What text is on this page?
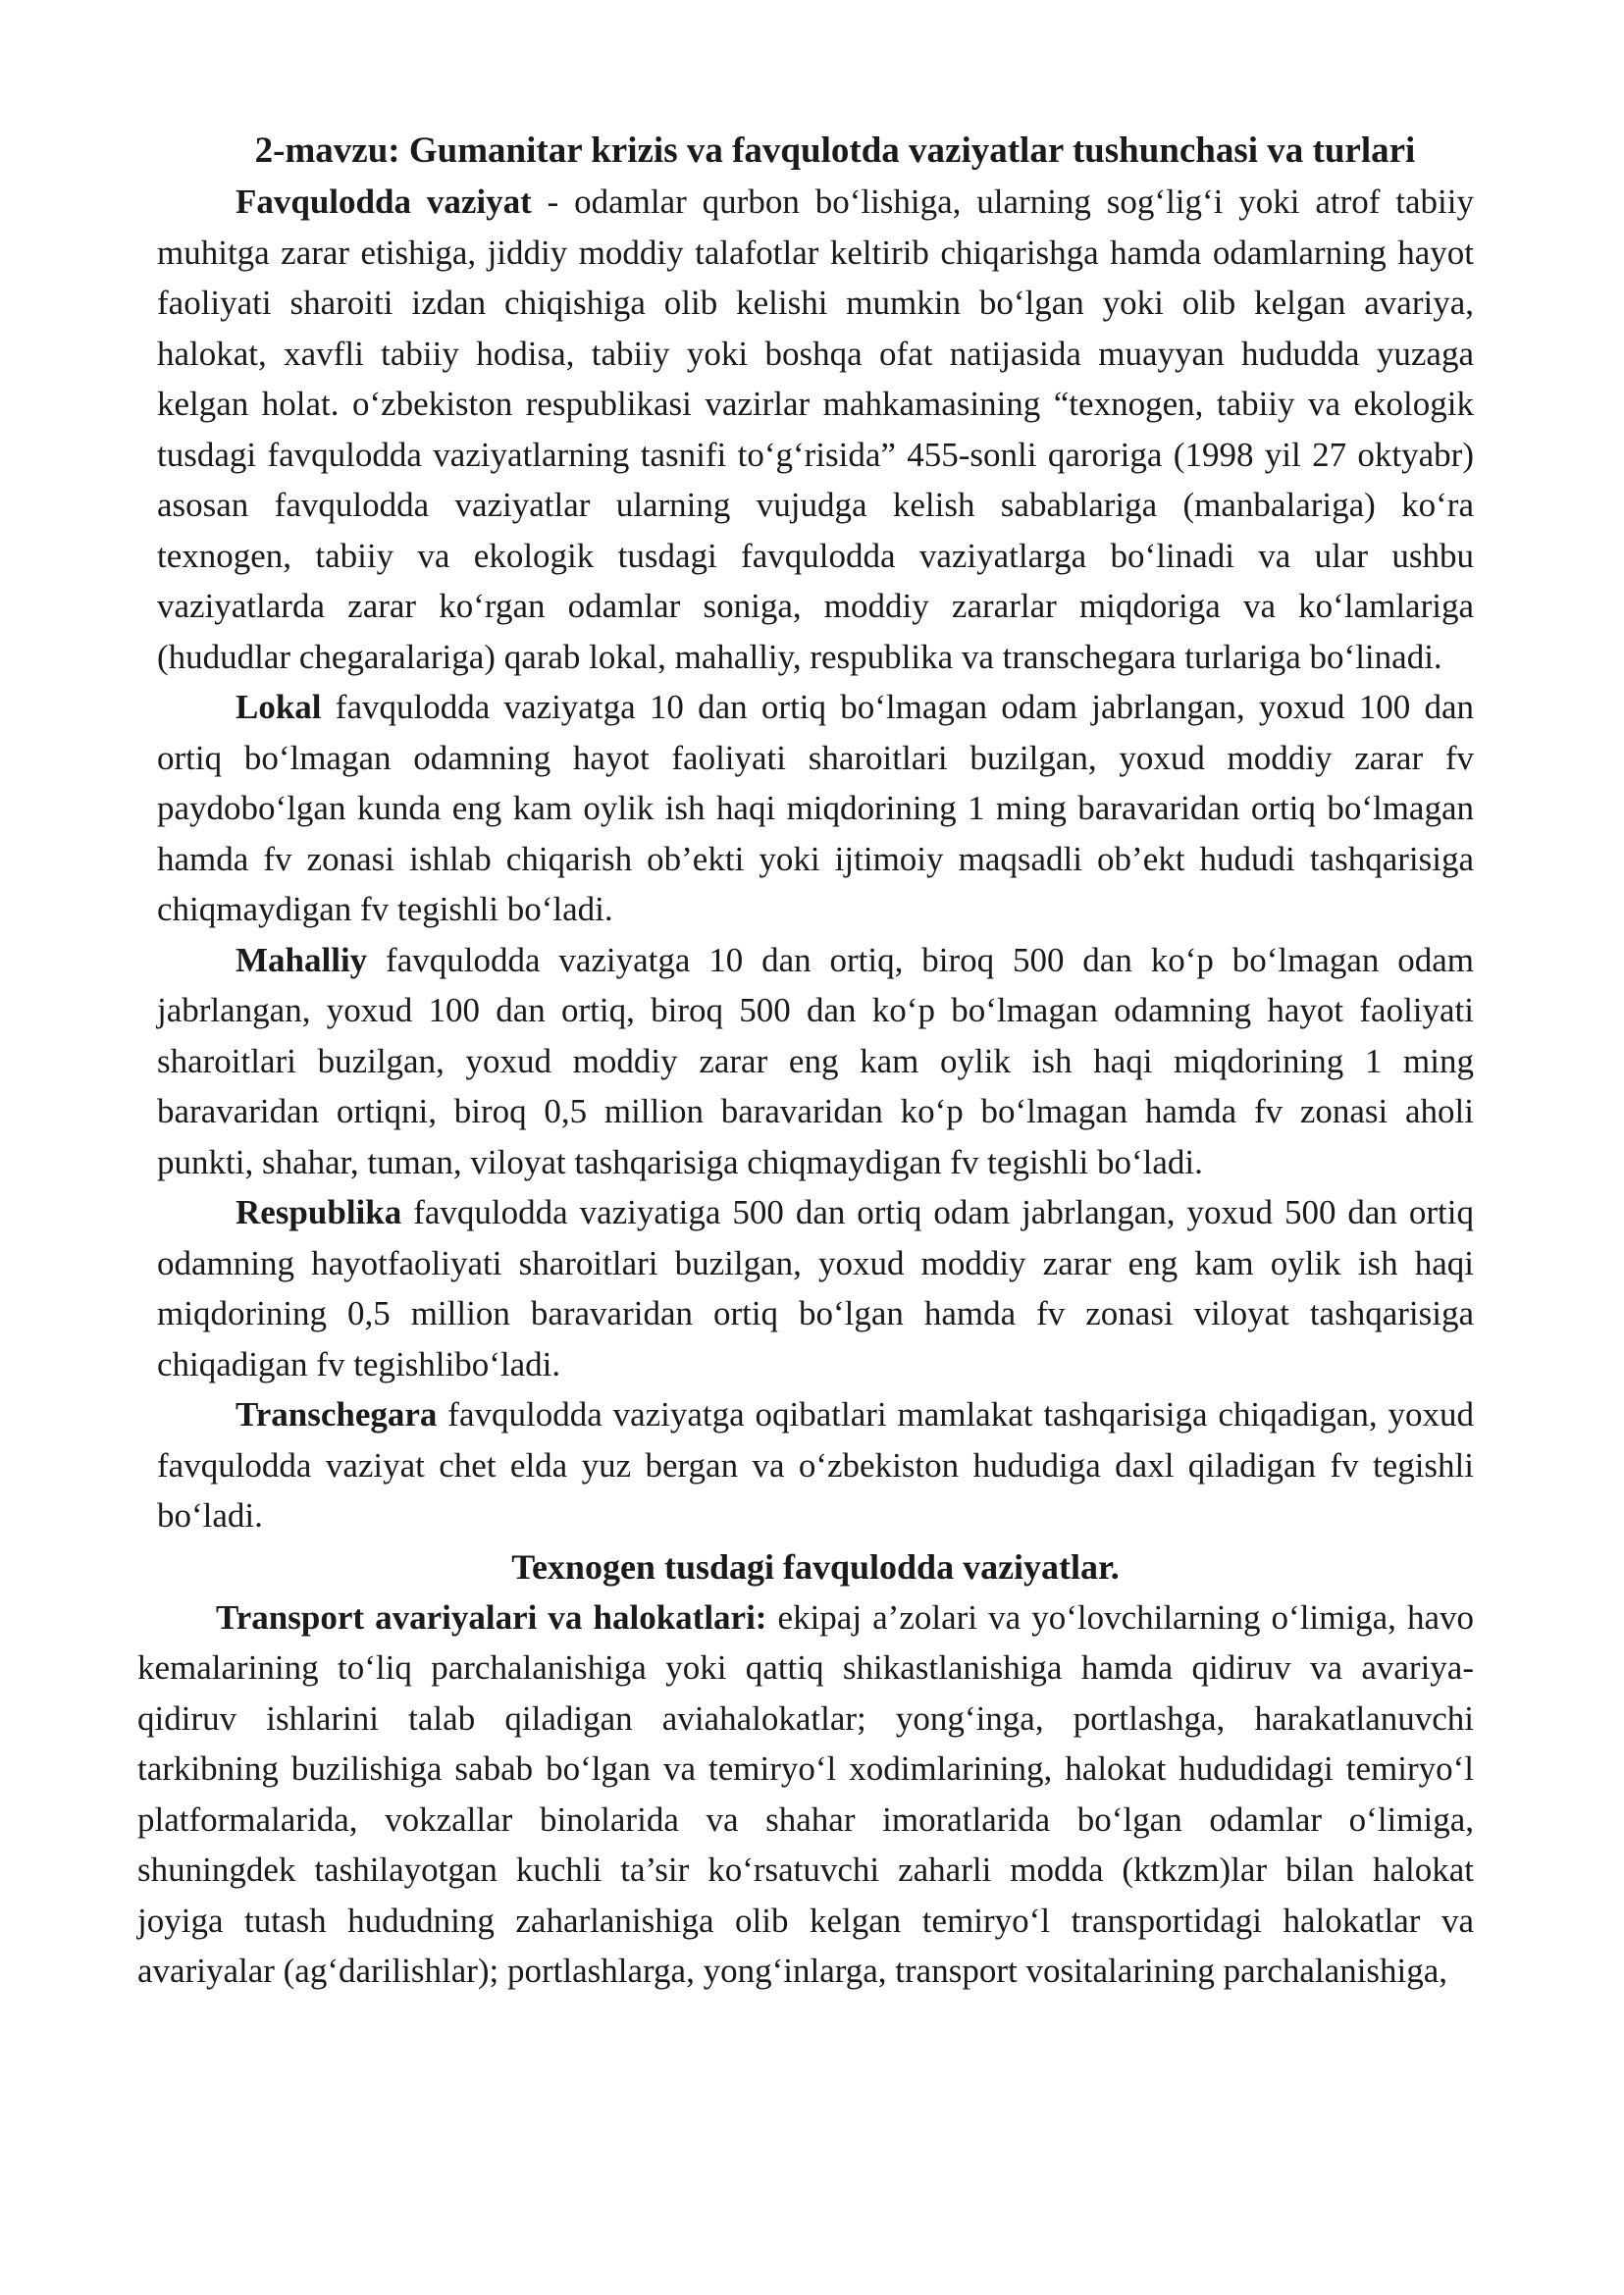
2-mavzu: Gumanitar krizis va favqulotda vaziyatlar tushunchasi va turlari

Favqulodda vaziyat - odamlar qurbon bo‘lishiga, ularning sog‘lig‘i yoki atrof tabiiy muhitga zarar etishiga, jiddiy moddiy talafotlar keltirib chiqarishga hamda odamlarning hayot faoliyati sharoiti izdan chiqishiga olib kelishi mumkin bo‘lgan yoki olib kelgan avariya, halokat, xavfli tabiiy hodisa, tabiiy yoki boshqa ofat natijasida muayyan hududda yuzaga kelgan holat. o‘zbekiston respublikasi vazirlar mahkamasining “texnogen, tabiiy va ekologik tusdagi favqulodda vaziyatlarning tasnifi to‘g‘risida” 455-sonli qaroriga (1998 yil 27 oktyabr) asosan favqulodda vaziyatlar ularning vujudga kelish sabablariga (manbalariga) ko‘ra texnogen, tabiiy va ekologik tusdagi favqulodda vaziyatlarga bo‘linadi va ular ushbu vaziyatlarda zarar ko‘rgan odamlar soniga, moddiy zararlar miqdoriga va ko‘lamlariga (hududlar chegaralariga) qarab lokal, mahalliy, respublika va transchegara turlariga bo‘linadi.

Lokal favqulodda vaziyatga 10 dan ortiq bo‘lmagan odam jabrlangan, yoxud 100 dan ortiq bo‘lmagan odamning hayot faoliyati sharoitlari buzilgan, yoxud moddiy zarar fv paydobo‘lgan kunda eng kam oylik ish haqi miqdorining 1 ming baravaridan ortiq bo‘lmagan hamda fv zonasi ishlab chiqarish ob’ekti yoki ijtimoiy maqsadli ob’ekt hududi tashqarisiga chiqmaydigan fv tegishli bo‘ladi.

Mahalliy favqulodda vaziyatga 10 dan ortiq, biroq 500 dan ko‘p bo‘lmagan odam jabrlangan, yoxud 100 dan ortiq, biroq 500 dan ko‘p bo‘lmagan odamning hayot faoliyati sharoitlari buzilgan, yoxud moddiy zarar eng kam oylik ish haqi miqdorining 1 ming baravaridan ortiqni, biroq 0,5 million baravaridan ko‘p bo‘lmagan hamda fv zonasi aholi punkti, shahar, tuman, viloyat tashqarisiga chiqmaydigan fv tegishli bo‘ladi.

Respublika favqulodda vaziyatiga 500 dan ortiq odam jabrlangan, yoxud 500 dan ortiq odamning hayotfaoliyati sharoitlari buzilgan, yoxud moddiy zarar eng kam oylik ish haqi miqdorining 0,5 million baravaridan ortiq bo‘lgan hamda fv zonasi viloyat tashqarisiga chiqadigan fv tegishlibo‘ladi.

Transchegara favqulodda vaziyatga oqibatlari mamlakat tashqarisiga chiqadigan, yoxud favqulodda vaziyat chet elda yuz bergan va o‘zbekiston hududiga daxl qiladigan fv tegishli bo‘ladi.

Texnogen tusdagi favqulodda vaziyatlar.

Transport avariyalari va halokatlari: ekipaj a’zolari va yo‘lovchilarning o‘limiga, havo kemalarining to‘liq parchalanishiga yoki qattiq shikastlanishiga hamda qidiruv va avariya-qidiruv ishlarini talab qiladigan aviahalokatlar; yong‘inga, portlashga, harakatlanuvchi tarkibning buzilishiga sabab bo‘lgan va temiryo‘l xodimlarining, halokat hududidagi temiryo‘l platformalarida, vokzallar binolarida va shahar imoratlarida bo‘lgan odamlar o‘limiga, shuningdek tashilayotgan kuchli ta’sir ko‘rsatuvchi zaharli modda (ktkzm)lar bilan halokat joyiga tutash hududning zaharlanishiga olib kelgan temiryo‘l transportidagi halokatlar va avariyalar (ag‘darilishlar); portlashlarga, yong‘inlarga, transport vositalarining parchalanishiga,
